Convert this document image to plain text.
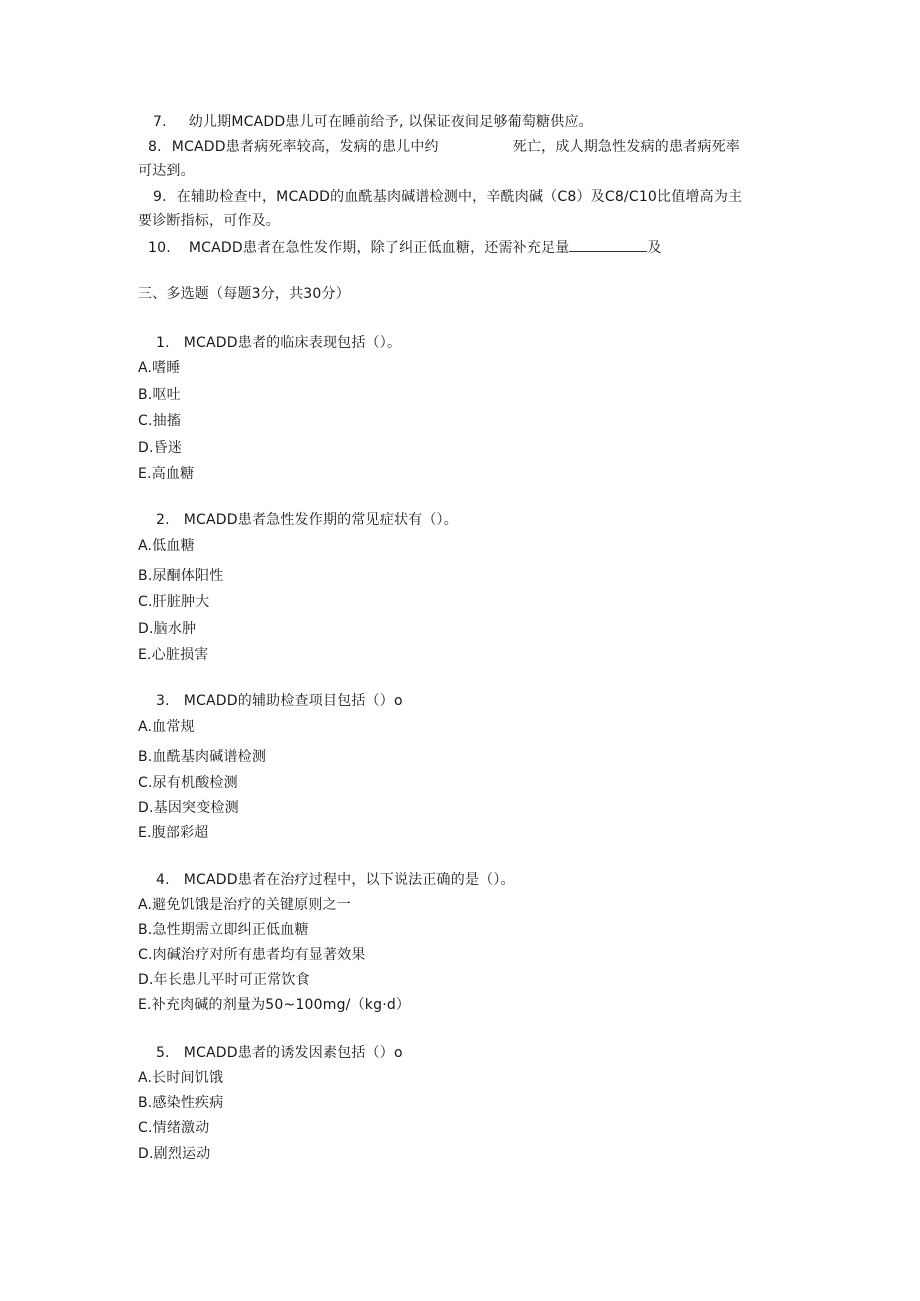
7. 幼儿期MCADD患儿可在睡前给予, 以保证夜间足够葡萄糖供应。
8. MCADD患者病死率较高，发病的患儿中约	死亡，成人期急性发病的患者病死率
可达到。
9. 在辅助检查中，MCADD的血酰基肉碱谱检测中，辛酰肉碱（C8）及C8/C10比值增高为主
要诊断指标，可作及。
10. MCADD患者在急性发作期，除了纠正低血糖，还需补充足量	及
三、多选题（每题3分，共30分）
1. MCADD患者的临床表现包括（）。
A.嗜睡
B.呕吐
C.抽搐
D.昏迷
E.高血糖
2. MCADD患者急性发作期的常见症状有（）。
A.低血糖
B.尿酮体阳性
C.肝脏肿大
D.脑水肿
E.心脏损害
3. MCADD的辅助检查项目包括（）o
A.血常规
B.血酰基肉碱谱检测
C.尿有机酸检测
D.基因突变检测
E.腹部彩超
4. MCADD患者在治疗过程中，以下说法正确的是（）。
A.避免饥饿是治疗的关键原则之一
B.急性期需立即纠正低血糖
C.肉碱治疗对所有患者均有显著效果
D.年长患儿平时可正常饮食
E.补充肉碱的剂量为50~100mg/（kg·d）
5. MCADD患者的诱发因素包括（）o
A.长时间饥饿
B.感染性疾病
C.情绪激动
D.剧烈运动
